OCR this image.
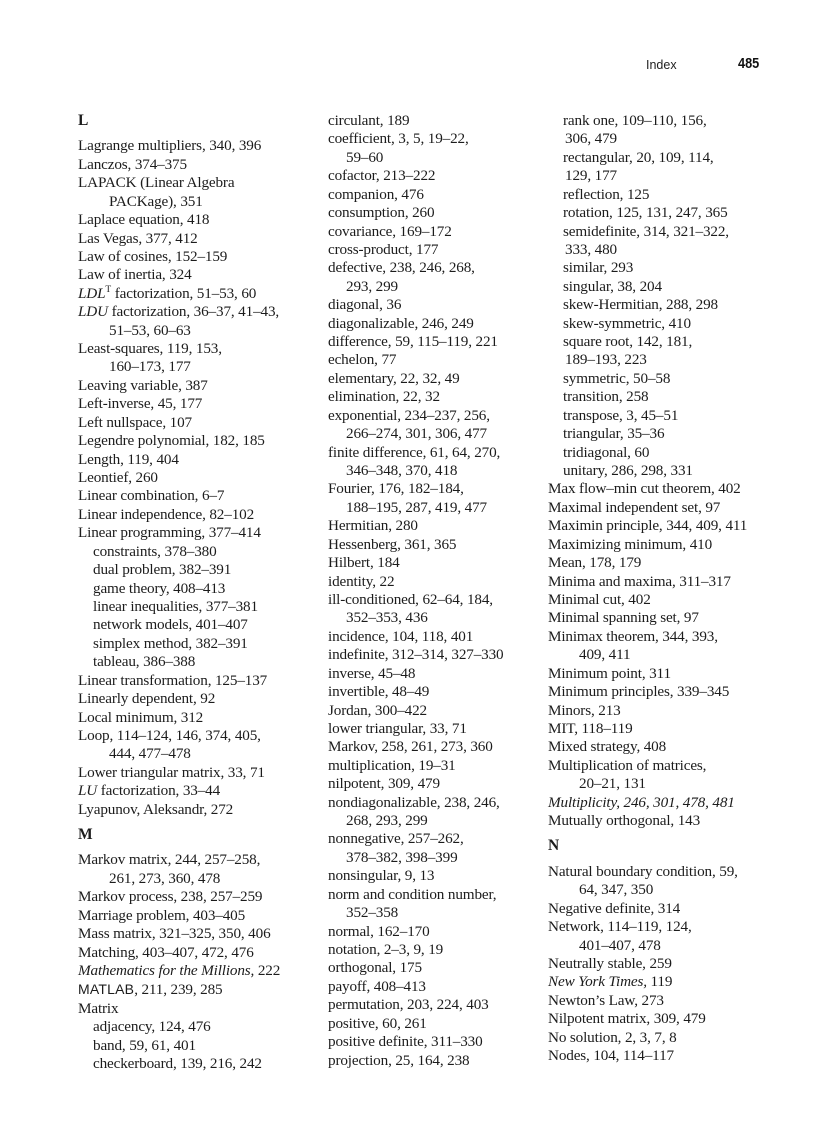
Index	485
L
Lagrange multipliers, 340, 396
Lanczos, 374–375
LAPACK (Linear Algebra
PACKage), 351
Laplace equation, 418
Las Vegas, 377, 412
Law of cosines, 152–159
Law of inertia, 324
$LDL^T$ factorization, 51–53, 60
LDU factorization, 36–37, 41–43,
51–53, 60–63
Least-squares, 119, 153,
160–173, 177
Leaving variable, 387
Left-inverse, 45, 177
Left nullspace, 107
Legendre polynomial, 182, 185
Length, 119, 404
Leontief, 260
Linear combination, 6–7
Linear independence, 82–102
Linear programming, 377–414
constraints, 378–380
dual problem, 382–391
game theory, 408–413
linear inequalities, 377–381
network models, 401–407
simplex method, 382–391
tableau, 386–388
Linear transformation, 125–137
Linearly dependent, 92
Local minimum, 312
Loop, 114–124, 146, 374, 405,
444, 477–478
Lower triangular matrix, 33, 71
LU factorization, 33–44
Lyapunov, Aleksandr, 272
M
Markov matrix, 244, 257–258,
261, 273, 360, 478
Markov process, 238, 257–259
Marriage problem, 403–405
Mass matrix, 321–325, 350, 406
Matching, 403–407, 472, 476
Mathematics for the Millions, 222
MATLAB, 211, 239, 285
Matrix
adjacency, 124, 476
band, 59, 61, 401
checkerboard, 139, 216, 242
circulant, 189
coefficient, 3, 5, 19–22,
59–60
cofactor, 213–222
companion, 476
consumption, 260
covariance, 169–172
cross-product, 177
defective, 238, 246, 268,
293, 299
diagonal, 36
diagonalizable, 246, 249
difference, 59, 115–119, 221
echelon, 77
elementary, 22, 32, 49
elimination, 22, 32
exponential, 234–237, 256,
266–274, 301, 306, 477
finite difference, 61, 64, 270,
346–348, 370, 418
Fourier, 176, 182–184,
188–195, 287, 419, 477
Hermitian, 280
Hessenberg, 361, 365
Hilbert, 184
identity, 22
ill-conditioned, 62–64, 184,
352–353, 436
incidence, 104, 118, 401
indefinite, 312–314, 327–330
inverse, 45–48
invertible, 48–49
Jordan, 300–422
lower triangular, 33, 71
Markov, 258, 261, 273, 360
multiplication, 19–31
nilpotent, 309, 479
nondiagonalizable, 238, 246,
268, 293, 299
nonnegative, 257–262,
378–382, 398–399
nonsingular, 9, 13
norm and condition number,
352–358
normal, 162–170
notation, 2–3, 9, 19
orthogonal, 175
payoff, 408–413
permutation, 203, 224, 403
positive, 60, 261
positive definite, 311–330
projection, 25, 164, 238
rank one, 109–110, 156,
306, 479
rectangular, 20, 109, 114,
129, 177
reflection, 125
rotation, 125, 131, 247, 365
semidefinite, 314, 321–322,
333, 480
similar, 293
singular, 38, 204
skew-Hermitian, 288, 298
skew-symmetric, 410
square root, 142, 181,
189–193, 223
symmetric, 50–58
transition, 258
transpose, 3, 45–51
triangular, 35–36
tridiagonal, 60
unitary, 286, 298, 331
Max flow–min cut theorem, 402
Maximal independent set, 97
Maximin principle, 344, 409, 411
Maximizing minimum, 410
Mean, 178, 179
Minima and maxima, 311–317
Minimal cut, 402
Minimal spanning set, 97
Minimax theorem, 344, 393,
409, 411
Minimum point, 311
Minimum principles, 339–345
Minors, 213
MIT, 118–119
Mixed strategy, 408
Multiplication of matrices,
20–21, 131
Multiplicity, 246, 301, 478, 481
Mutually orthogonal, 143
N
Natural boundary condition, 59,
64, 347, 350
Negative definite, 314
Network, 114–119, 124,
401–407, 478
Neutrally stable, 259
New York Times, 119
Newton’s Law, 273
Nilpotent matrix, 309, 479
No solution, 2, 3, 7, 8
Nodes, 104, 114–117
